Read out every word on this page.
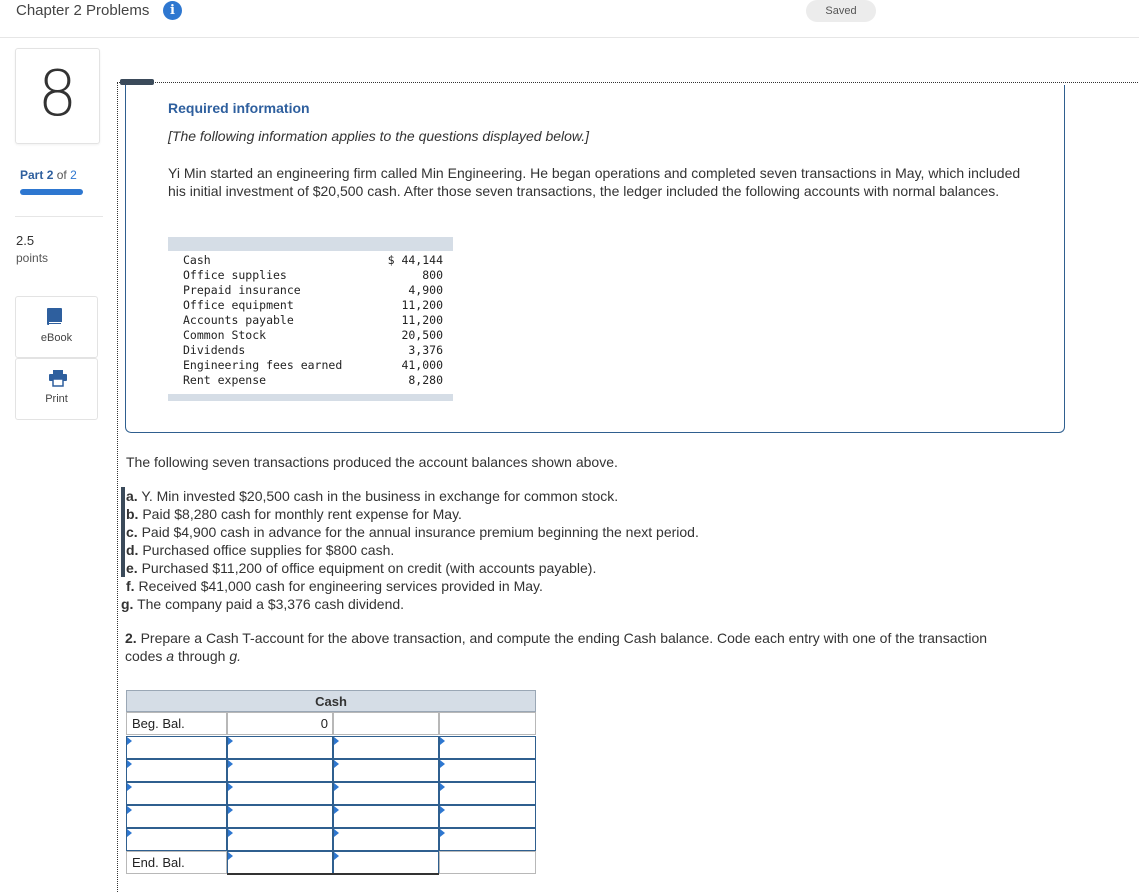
Chapter 2 Problems	i	Saved
8
Part 2 of 2
2.5
points
eBook
Print
Required information
[The following information applies to the questions displayed below.]
Yi Min started an engineering firm called Min Engineering. He began operations and completed seven transactions in May, which included his initial investment of $20,500 cash. After those seven transactions, the ledger included the following accounts with normal balances.
Cash	$ 44,144
Office supplies	800
Prepaid insurance	4,900
Office equipment	11,200
Accounts payable	11,200
Common Stock	20,500
Dividends	3,376
Engineering fees earned	41,000
Rent expense	8,280
The following seven transactions produced the account balances shown above.
a. Y. Min invested $20,500 cash in the business in exchange for common stock.
b. Paid $8,280 cash for monthly rent expense for May.
c. Paid $4,900 cash in advance for the annual insurance premium beginning the next period.
d. Purchased office supplies for $800 cash.
e. Purchased $11,200 of office equipment on credit (with accounts payable).
f. Received $41,000 cash for engineering services provided in May.
g. The company paid a $3,376 cash dividend.
2. Prepare a Cash T-account for the above transaction, and compute the ending Cash balance. Code each entry with one of the transaction codes a through g.
Cash
Beg. Bal.	0
End. Bal.
